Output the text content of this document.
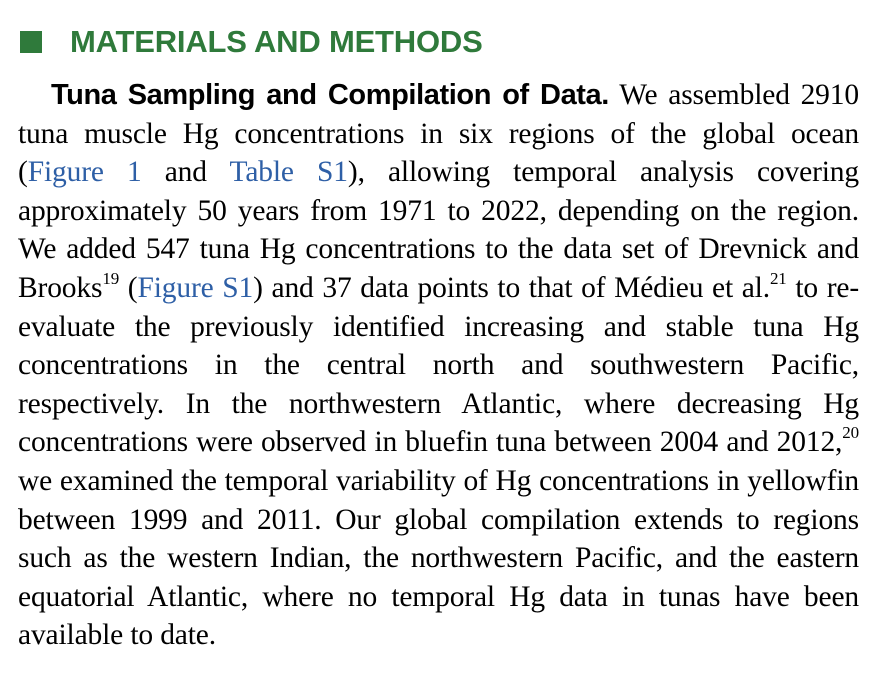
MATERIALS AND METHODS

Tuna Sampling and Compilation of Data. We assembled 2910 tuna muscle Hg concentrations in six regions of the global ocean (Figure 1 and Table S1), allowing temporal analysis covering approximately 50 years from 1971 to 2022, depending on the region. We added 547 tuna Hg concentrations to the data set of Drevnick and Brooks$^{19}$ (Figure S1) and 37 data points to that of Médieu et al.$^{21}$ to re-evaluate the previously identified increasing and stable tuna Hg concentrations in the central north and southwestern Pacific, respectively. In the northwestern Atlantic, where decreasing Hg concentrations were observed in bluefin tuna between 2004 and 2012,20 we examined the temporal variability of Hg concentrations in yellowfin between 1999 and 2011. Our global compilation extends to regions such as the western Indian, the northwestern Pacific, and the eastern equatorial Atlantic, where no temporal Hg data in tunas have been available to date.
